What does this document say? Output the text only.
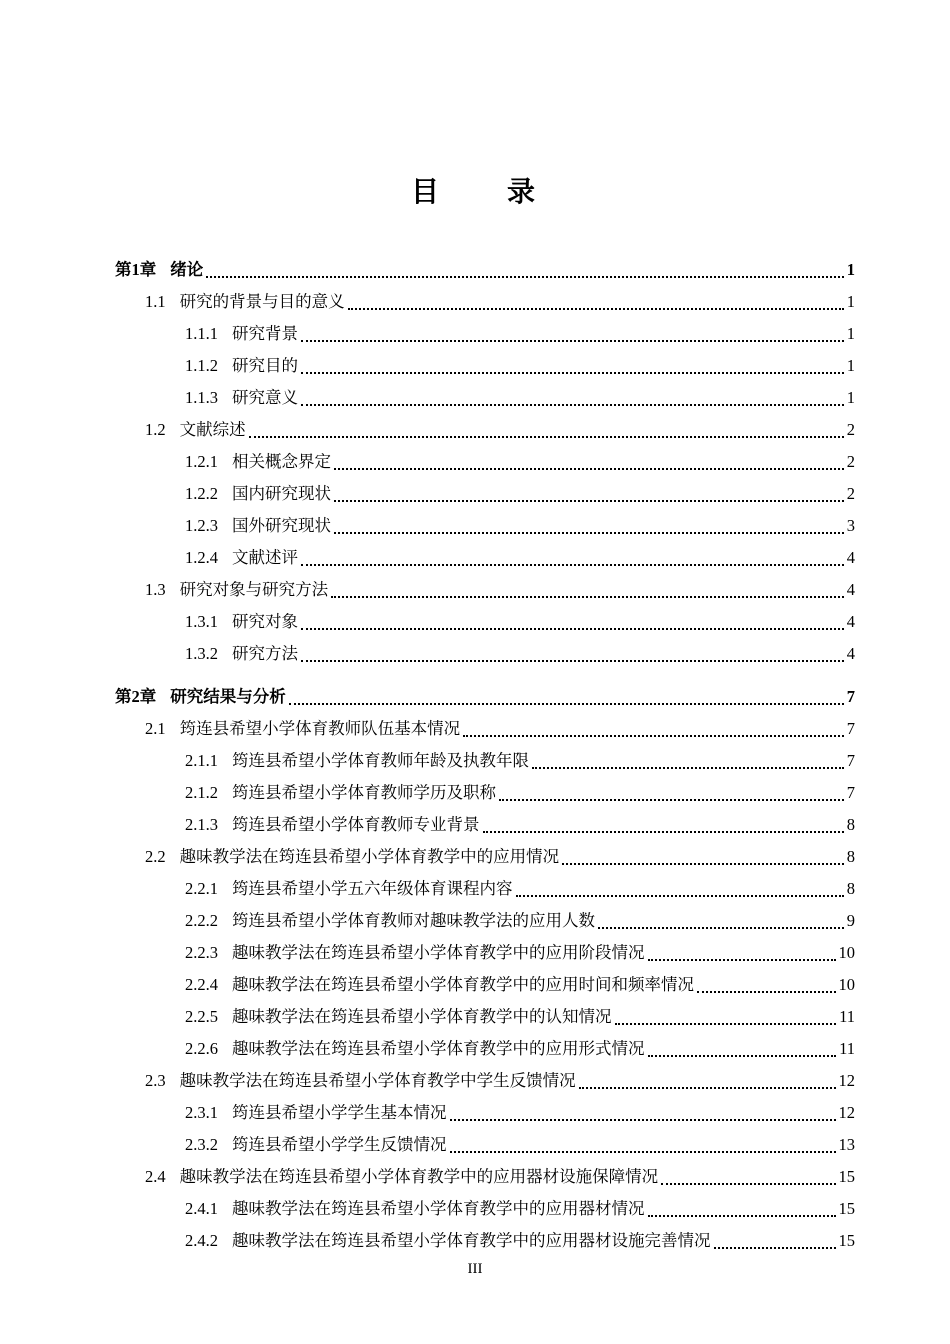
目　　录
第1章 绪论	1
1.1 研究的背景与目的意义	1
1.1.1 研究背景	1
1.1.2 研究目的	1
1.1.3 研究意义	1
1.2 文献综述	2
1.2.1 相关概念界定	2
1.2.2 国内研究现状	2
1.2.3 国外研究现状	3
1.2.4 文献述评	4
1.3 研究对象与研究方法	4
1.3.1 研究对象	4
1.3.2 研究方法	4
第2章 研究结果与分析	7
2.1 筠连县希望小学体育教师队伍基本情况	7
2.1.1 筠连县希望小学体育教师年龄及执教年限	7
2.1.2 筠连县希望小学体育教师学历及职称	7
2.1.3 筠连县希望小学体育教师专业背景	8
2.2 趣味教学法在筠连县希望小学体育教学中的应用情况	8
2.2.1 筠连县希望小学五六年级体育课程内容	8
2.2.2 筠连县希望小学体育教师对趣味教学法的应用人数	9
2.2.3 趣味教学法在筠连县希望小学体育教学中的应用阶段情况	10
2.2.4 趣味教学法在筠连县希望小学体育教学中的应用时间和频率情况	10
2.2.5 趣味教学法在筠连县希望小学体育教学中的认知情况	11
2.2.6 趣味教学法在筠连县希望小学体育教学中的应用形式情况	11
2.3 趣味教学法在筠连县希望小学体育教学中学生反馈情况	12
2.3.1 筠连县希望小学学生基本情况	12
2.3.2 筠连县希望小学学生反馈情况	13
2.4 趣味教学法在筠连县希望小学体育教学中的应用器材设施保障情况	15
2.4.1 趣味教学法在筠连县希望小学体育教学中的应用器材情况	15
2.4.2 趣味教学法在筠连县希望小学体育教学中的应用器材设施完善情况	15
III
